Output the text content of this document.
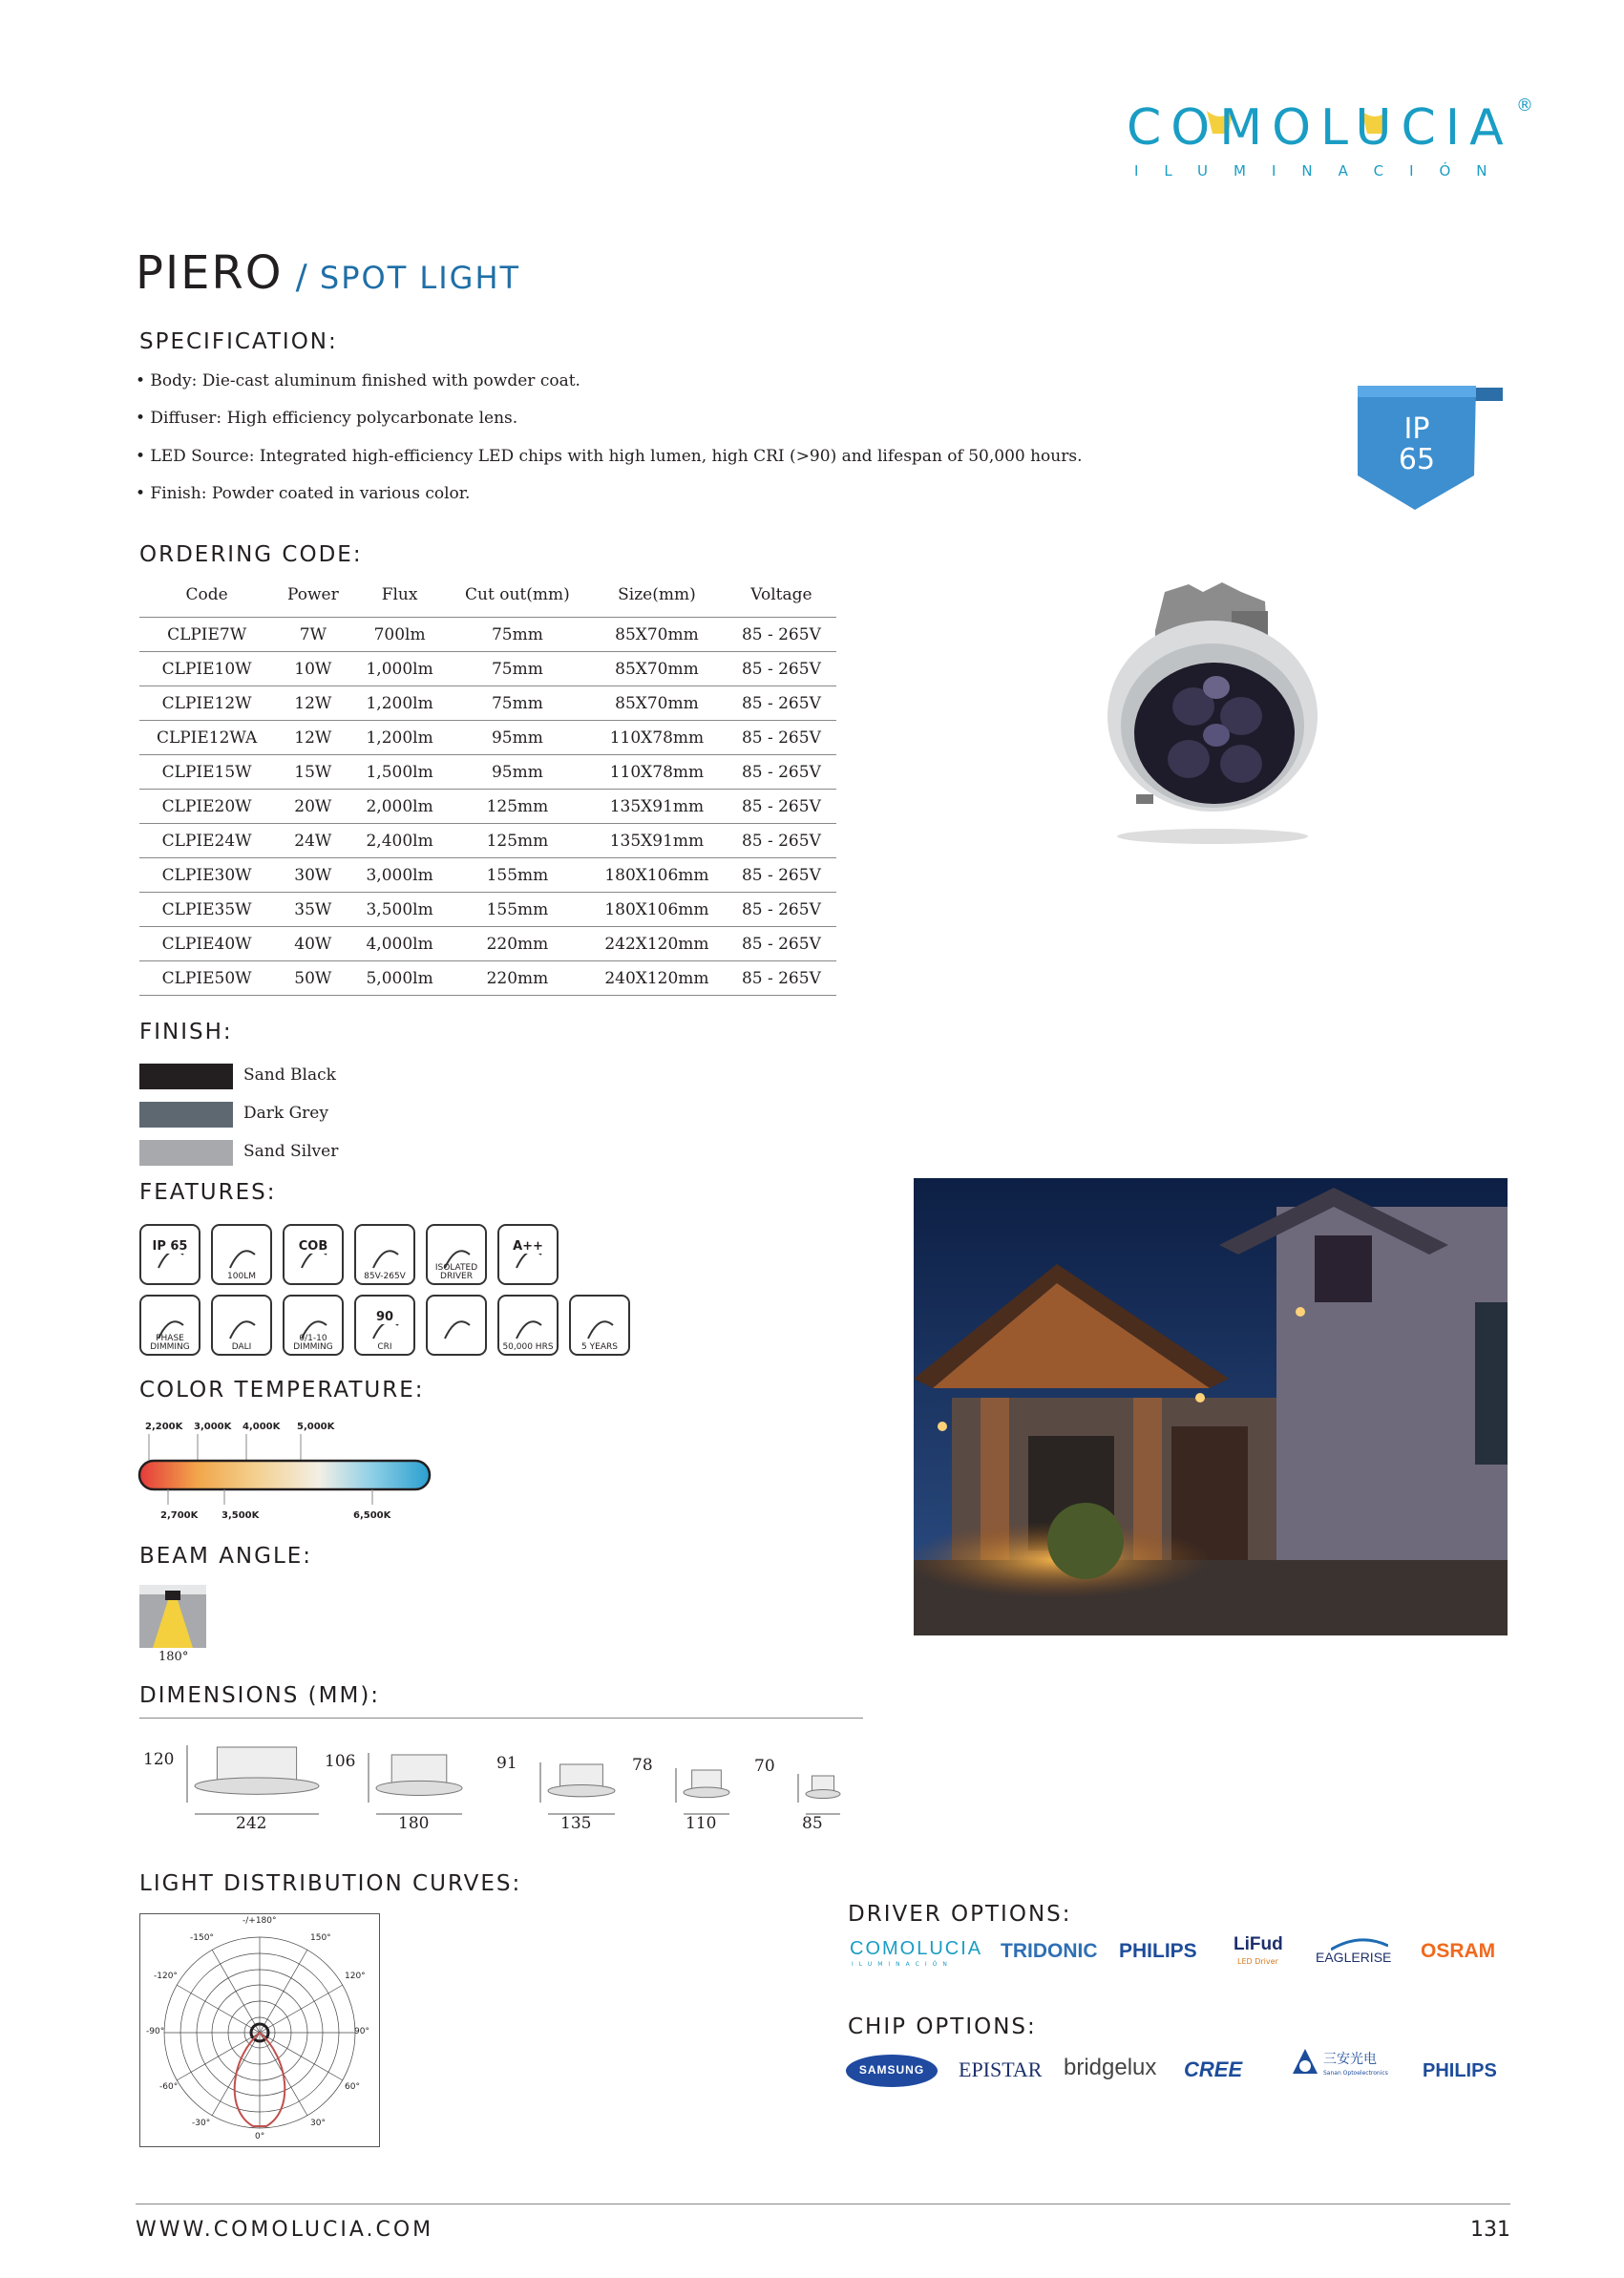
COMOLUCIA ®
ILUMINACIÓN
PIERO / SPOT LIGHT
IP
65
SPECIFICATION:
• Body: Die-cast aluminum finished with powder coat.
• Diffuser: High efficiency polycarbonate lens.
• LED Source: Integrated high-efficiency LED chips with high lumen, high CRI (>90) and lifespan of 50,000 hours.
• Finish: Powder coated in various color.
ORDERING CODE:
Code	Power	Flux	Cut out(mm)	Size(mm)	Voltage
CLPIE7W	7W	700lm	75mm	85X70mm	85 - 265V
CLPIE10W	10W	1,000lm	75mm	85X70mm	85 - 265V
CLPIE12W	12W	1,200lm	75mm	85X70mm	85 - 265V
CLPIE12WA	12W	1,200lm	95mm	110X78mm	85 - 265V
CLPIE15W	15W	1,500lm	95mm	110X78mm	85 - 265V
CLPIE20W	20W	2,000lm	125mm	135X91mm	85 - 265V
CLPIE24W	24W	2,400lm	125mm	135X91mm	85 - 265V
CLPIE30W	30W	3,000lm	155mm	180X106mm	85 - 265V
CLPIE35W	35W	3,500lm	155mm	180X106mm	85 - 265V
CLPIE40W	40W	4,000lm	220mm	242X120mm	85 - 265V
CLPIE50W	50W	5,000lm	220mm	240X120mm	85 - 265V
FINISH:
Sand Black
Dark Grey
Sand Silver
FEATURES:
IP 65
100LM
COB
85V-265V
ISOLATED DRIVER
A++
PHASE DIMMING	DALI
0/1-10 DIMMING
90
CRI	50,000 HRS	5 YEARS
COLOR TEMPERATURE:
2,200K 3,000K 4,000K 5,000K
2,700K 3,500K	6,500K
BEAM ANGLE:
180°
DIMENSIONS (MM):
120
242
106
180
91
135
78
110
70
85
LIGHT DISTRIBUTION CURVES:
-/+180°
-150°	150°
-120°	120°
-90°	90°
-60°	60°
-30°	30°
0°
DRIVER OPTIONS:
COMOLUCIA
ILUMINACIÓN
TRIDONIC PHILIPS LiFud
LED Driver	EAGLERISE OSRAM
CHIP OPTIONS:
SAMSUNG	EPISTAR bridgelux CREE	三安光电
Sanan Optoelectronics PHILIPS
WWW.COMOLUCIA.COM	131
